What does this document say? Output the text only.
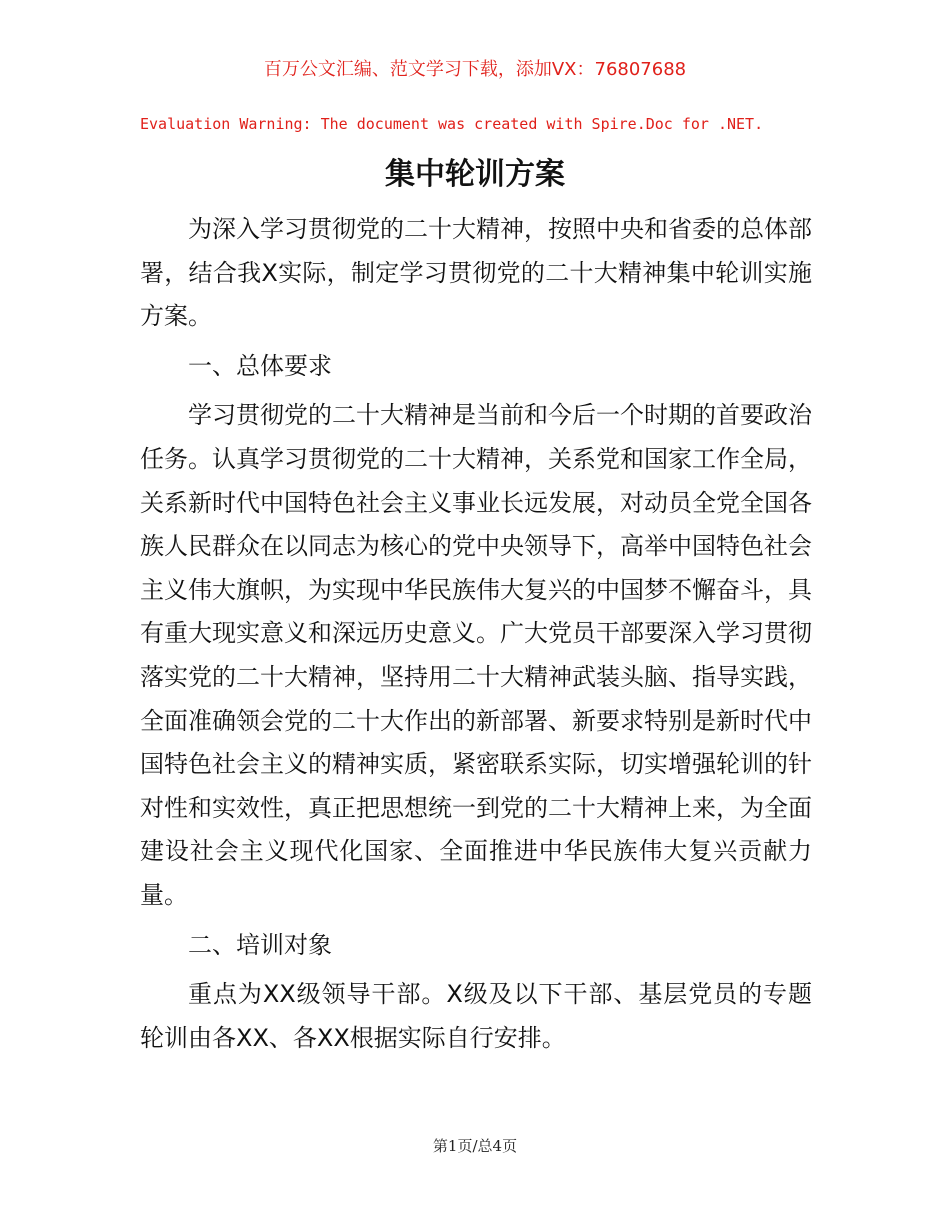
百万公文汇编、范文学习下载，添加VX：76807688
Evaluation Warning: The document was created with Spire.Doc for .NET.
集中轮训方案

为深入学习贯彻党的二十大精神，按照中央和省委的总体部署，结合我X实际，制定学习贯彻党的二十大精神集中轮训实施方案。

一、总体要求

学习贯彻党的二十大精神是当前和今后一个时期的首要政治任务。认真学习贯彻党的二十大精神，关系党和国家工作全局，关系新时代中国特色社会主义事业长远发展，对动员全党全国各族人民群众在以同志为核心的党中央领导下，高举中国特色社会主义伟大旗帜，为实现中华民族伟大复兴的中国梦不懈奋斗，具有重大现实意义和深远历史意义。广大党员干部要深入学习贯彻落实党的二十大精神，坚持用二十大精神武装头脑、指导实践，全面准确领会党的二十大作出的新部署、新要求特别是新时代中国特色社会主义的精神实质，紧密联系实际，切实增强轮训的针对性和实效性，真正把思想统一到党的二十大精神上来，为全面建设社会主义现代化国家、全面推进中华民族伟大复兴贡献力量。

二、培训对象

重点为XX级领导干部。X级及以下干部、基层党员的专题轮训由各XX、各XX根据实际自行安排。

第1页/总4页
